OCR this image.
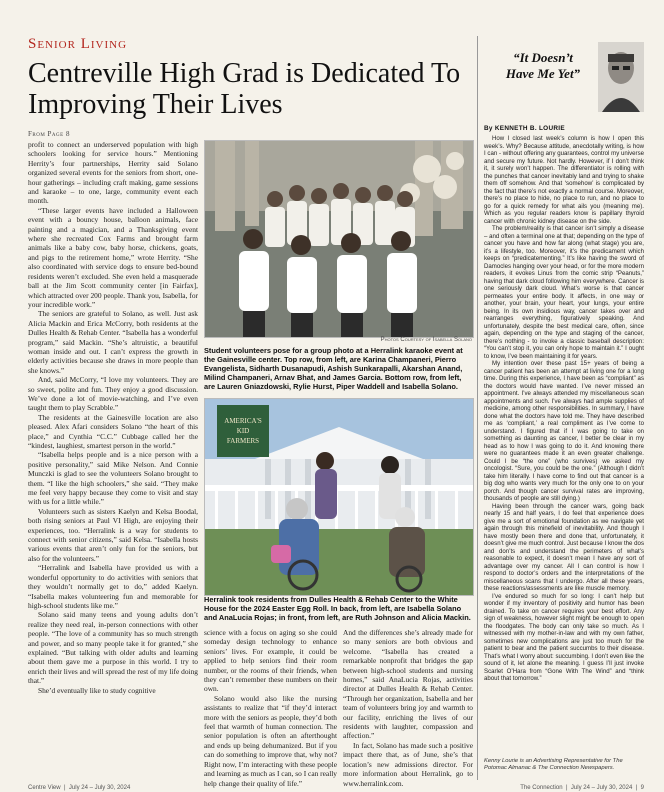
Senior Living
Centreville High Grad is Dedicated To Improving Their Lives
From Page 8

profit to connect an underserved population with high schoolers looking for service hours.” Mentioning Herrity’s four partnerships, Herrity said Solano organized several events for the seniors from short, one-hour gatherings – including craft making, game sessions and karaoke – to one, large, community event each month.

“These larger events have included a Halloween event with a bouncy house, balloon animals, face painting and a magician, and a Thanksgiving event where she recreated Cox Farms and brought farm animals like a baby cow, baby horse, chickens, goats, and pigs to the retirement home,” wrote Herrity. “She also coordinated with service dogs to ensure bed-bound residents weren’t excluded. She even held a masquerade ball at the Jim Scott community center [in Fairfax], which attracted over 200 people. Thank you, Isabella, for your incredible work.”

The seniors are grateful to Solano, as well. Just ask Alicia Mackin and Erica McCorry, both residents at the Dulles Health & Rehab Center. “Isabella has a wonderful program,” said Mackin. “She’s altruistic, a beautiful woman inside and out. I can’t express the growth in elderly activities because she draws in more people than she knows.”

And, said McCorry, “I love my volunteers. They are so sweet, polite and fun. They enjoy a good discussion. We’ve done a lot of movie-watching, and I’ve even taught them to play Scrabble.”

The residents at the Gainesville location are also pleased. Alex Afari considers Solano “the heart of this place,” and Cynthia “C.C.” Cubbage called her the “kindest, laughiest, smartest person in the world.”

“Isabella helps people and is a nice person with a positive personality,” said Mike Nelson. And Connie Munczki is glad to see the volunteers Solano brought to them. “I like the high schoolers,” she said. “They make me feel very happy because they come to visit and stay with us for a little while.”

Volunteers such as sisters Kaelyn and Kelsa Boodal, both rising seniors at Paul VI High, are enjoying their experiences, too. “Herralink is a way for students to connect with senior citizens,” said Kelsa. “Isabella hosts various events that aren’t only fun for the seniors, but also for the volunteers.”

“Herralink and Isabella have provided us with a wonderful opportunity to do activities with seniors that they wouldn’t normally get to do,” added Kaelyn. “Isabella makes volunteering fun and memorable for high-school students like me.”

Solano said many teens and young adults don’t realize they need real, in-person connections with other people. “The love of a community has so much strength and power, and so many people take it for granted,” she explained. “But talking with older adults and learning about them gave me a purpose in this world. I try to enrich their lives and will spread the rest of my life doing that.”

She’d eventually like to study cognitive

Photos Courtesy of Isabella Solano
Student volunteers pose for a group photo at a Herralink karaoke event at the Gainesville center. Top row, from left, are Karina Champaneri, Pierro Evangelista, Sidharth Dusanapudi, Ashish Sunkarapalli, Akarshan Anand, Milind Champaneri, Arnav Bhat, and James Garcia. Bottom row, from left, are Lauren Gniazdowski, Rylie Hurst, Piper Waddell and Isabella Solano.
AMERICA'S
KID
FARMERS
Herralink took residents from Dulles Health & Rehab Center to the White House for the 2024 Easter Egg Roll. In back, from left, are Isabella Solano and AnaLucia Rojas; in front, from left, are Ruth Johnson and Alicia Mackin.

science with a focus on aging so she could someday design technology to enhance seniors’ lives. For example, it could be applied to help seniors find their room number, or the rooms of their friends, when they can’t remember these numbers on their own.

Solano would also like the nursing assistants to realize that “if they’d interact more with the seniors as people, they’d both feel that warmth of human connection. The senior population is often an afterthought and ends up being dehumanized. But if you can do something to improve that, why not? Right now, I’m interacting with these people and learning as much as I can, so I can really help change their quality of life.”

And the differences she’s already made for so many seniors are both obvious and welcome. “Isabella has created a remarkable nonprofit that bridges the gap between high-school students and nursing homes,” said AnaLucia Rojas, activities director at Dulles Health & Rehab Center. “Through her organization, Isabella and her team of volunteers bring joy and warmth to our facility, enriching the lives of our residents with laughter, compassion and affection.”

In fact, Solano has made such a positive impact there that, as of June, she’s that location’s new admissions director. For more information about Herralink, go to www.herralink.com.

“It Doesn’t
Have Me Yet”
By KENNETH B. LOURIE

How I closed last week’s column is how I open this week’s. Why? Because attitude, anecdotally writing, is how I can - without offering any guarantees, control my universe and secure my future. Not hardly. However, if I don’t think it, it surely won’t happen. The differentiator is rolling with the punches that cancer inevitably land and trying to shake them off somehow. And that ‘somehow’ is complicated by the fact that there’s not exactly a normal course. Moreover, there’s no place to hide, no place to run, and no place to go for a quick remedy for what ails you (meaning me). Which as you regular readers know is papillary thyroid cancer with chronic kidney disease on the side.

The problem/reality is that cancer isn’t simply a disease – and often a terminal one at that; depending on the type of cancer you have and how far along (what stage) you are, it’s a lifestyle, too. Moreover, it’s the predicament which keeps on “predicatementing.” It’s like having the sword of Damocles hanging over your head, or for the more modern readers, it evokes Linus from the comic strip “Peanuts,” having that dark cloud following him everywhere. Cancer is one seriously dark cloud. What’s worse is that cancer permeates your entire body. It affects, in one way or another, your brain, your heart, your lungs, your entire being. In its own insidious way, cancer takes over and rearranges everything, figuratively speaking. And unfortunately, despite the best medical care, often, since again, depending on the type and staging of the cancer, there’s nothing - to invoke a classic baseball description: “You can’t stop it, you can only hope to maintain it.” I ought to know, I’ve been maintaining it for years.

My intention over these past 15+ years of being a cancer patient has been an attempt at living one for a long time. During this experience, I have been as “compliant” as the doctors would have wanted. I’ve never missed an appointment. I’ve always attended my miscellaneous scan appointments and such. I’ve always had ample supplies of medicine, among other responsibilities. In summary, I have done what the doctors have told me. They have described me as ‘compliant,’ a real compliment as I’ve come to understand. I figured that if I was going to take on something as daunting as cancer, I better be clear in my head as to how I was going to do it. And knowing there were no guarantees made it an even greater challenge. Could I be “the one” (who survives) we asked my oncologist. “Sure, you could be the one.” (Although I didn’t take him literally. I have come to find out that cancer is a big dog who wants very much for the only one to on your porch. And though cancer survival rates are improving, thousands of people are still dying.)

Having been through the cancer wars, going back nearly 15 and half years, I do feel that experience does give me a sort of emotional foundation as we navigate yet again through this minefield of inevitability. And though I have mostly been there and done that, unfortunately, it doesn’t give me much control. Just because I know the dos and don’ts and understand the perimeters of what’s reasonable to expect, it doesn’t mean I have any sort of advantage over my cancer. All I can control is how I respond to doctor’s orders and the interpretations of the miscellaneous scans that I undergo. After all these years, these reactions/assessments are like muscle memory.

I’ve endured so much for so long: I can’t help but wonder if my inventory of positivity and humor has been drained. To take on cancer requires your best effort. Any sign of weakness, however slight might be enough to open the floodgates. The body can only take so much. As I witnessed with my mother-in-law and with my own father, sometimes new complications are just too much for the patient to bear and the patient succumbs to their disease. That’s what I worry about: succumbing. I don’t even like the sound of it, let alone the meaning. I guess I’ll just invoke Scarlet O’Hara from “Gone With The Wind” and “think about that tomorrow.”

Kenny Lourie is an Advertising Representative for The Potomac Almanac & The Connection Newspapers.
Centre View ❘ July 24 – July 30, 2024	The Connection ❘ July 24 – July 30, 2024 ❘ 9
